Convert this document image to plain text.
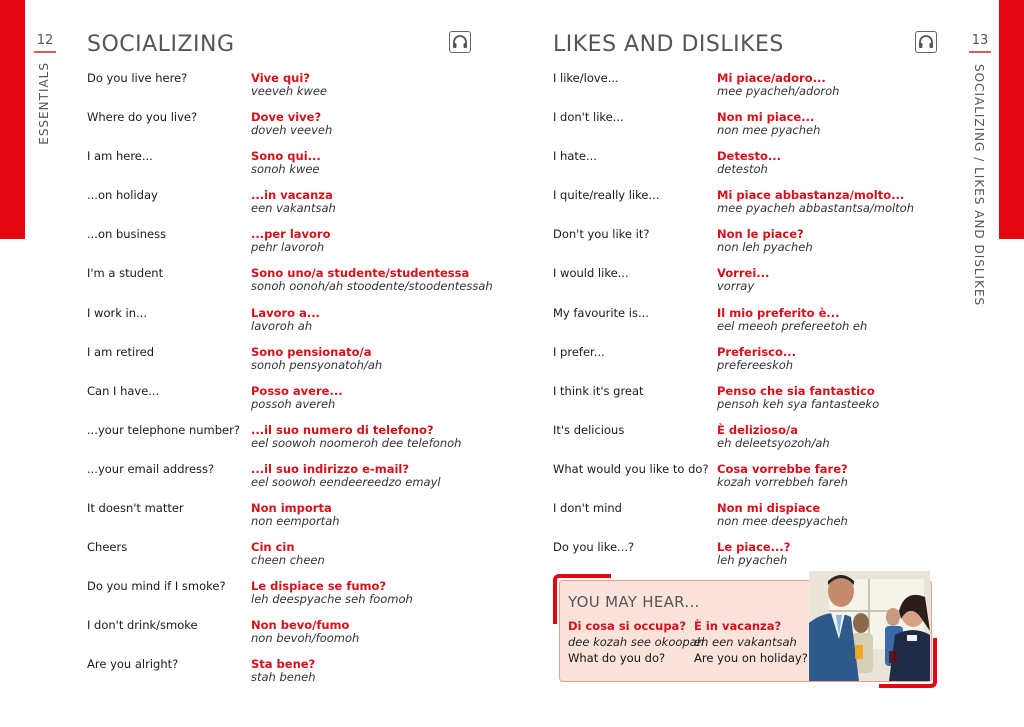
12
ESSENTIALS
SOCIALIZING
Do you live here?	Vive qui?
veeveh kwee
Where do you live?	Dove vive?
doveh veeveh
I am here...	Sono qui...
sonoh kwee
...on holiday	...in vacanza
een vakantsah
...on business	...per lavoro
pehr lavoroh
I'm a student	Sono uno/a studente/studentessa
sonoh oonoh/ah stoodente/stoodentessah
I work in...	Lavoro a...
lavoroh ah
I am retired	Sono pensionato/a
sonoh pensyonatoh/ah
Can I have...	Posso avere...
possoh avereh
...your telephone number? ...il suo numero di telefono?
eel soowoh noomeroh dee telefonoh
...your email address?	...il suo indirizzo e-mail?
eel soowoh eendeereedzo emayl
It doesn't matter	Non importa
non eemportah
Cheers	Cin cin
cheen cheen
Do you mind if I smoke? Le dispiace se fumo?
leh deespyache seh foomoh
I don't drink/smoke	Non bevo/fumo
non bevoh/foomoh
Are you alright?	Sta bene?
stah beneh
13
SOCIALIZING / LIKES AND DISLIKES
LIKES AND DISLIKES
I like/love...	Mi piace/adoro...
mee pyacheh/adoroh
I don't like...	Non mi piace...
non mee pyacheh
I hate...	Detesto...
detestoh
I quite/really like...	Mi piace abbastanza/molto...
mee pyacheh abbastantsa/moltoh
Don't you like it?	Non le piace?
non leh pyacheh
I would like...	Vorrei...
vorray
My favourite is...	Il mio preferito è...
eel meeoh prefereetoh eh
I prefer...	Preferisco...
prefereeskoh
I think it's great	Penso che sia fantastico
pensoh keh sya fantasteeko
It's delicious	È delizioso/a
eh deleetsyozoh/ah
What would you like to do? Cosa vorrebbe fare?
kozah vorrebbeh fareh
I don't mind	Non mi dispiace
non mee deespyacheh
Do you like...?	Le piace...?
leh pyacheh
YOU MAY HEAR...
Di cosa si occupa?
dee kozah see okoopah
What do you do?
È in vacanza?
eh een vakantsah
Are you on holiday?
